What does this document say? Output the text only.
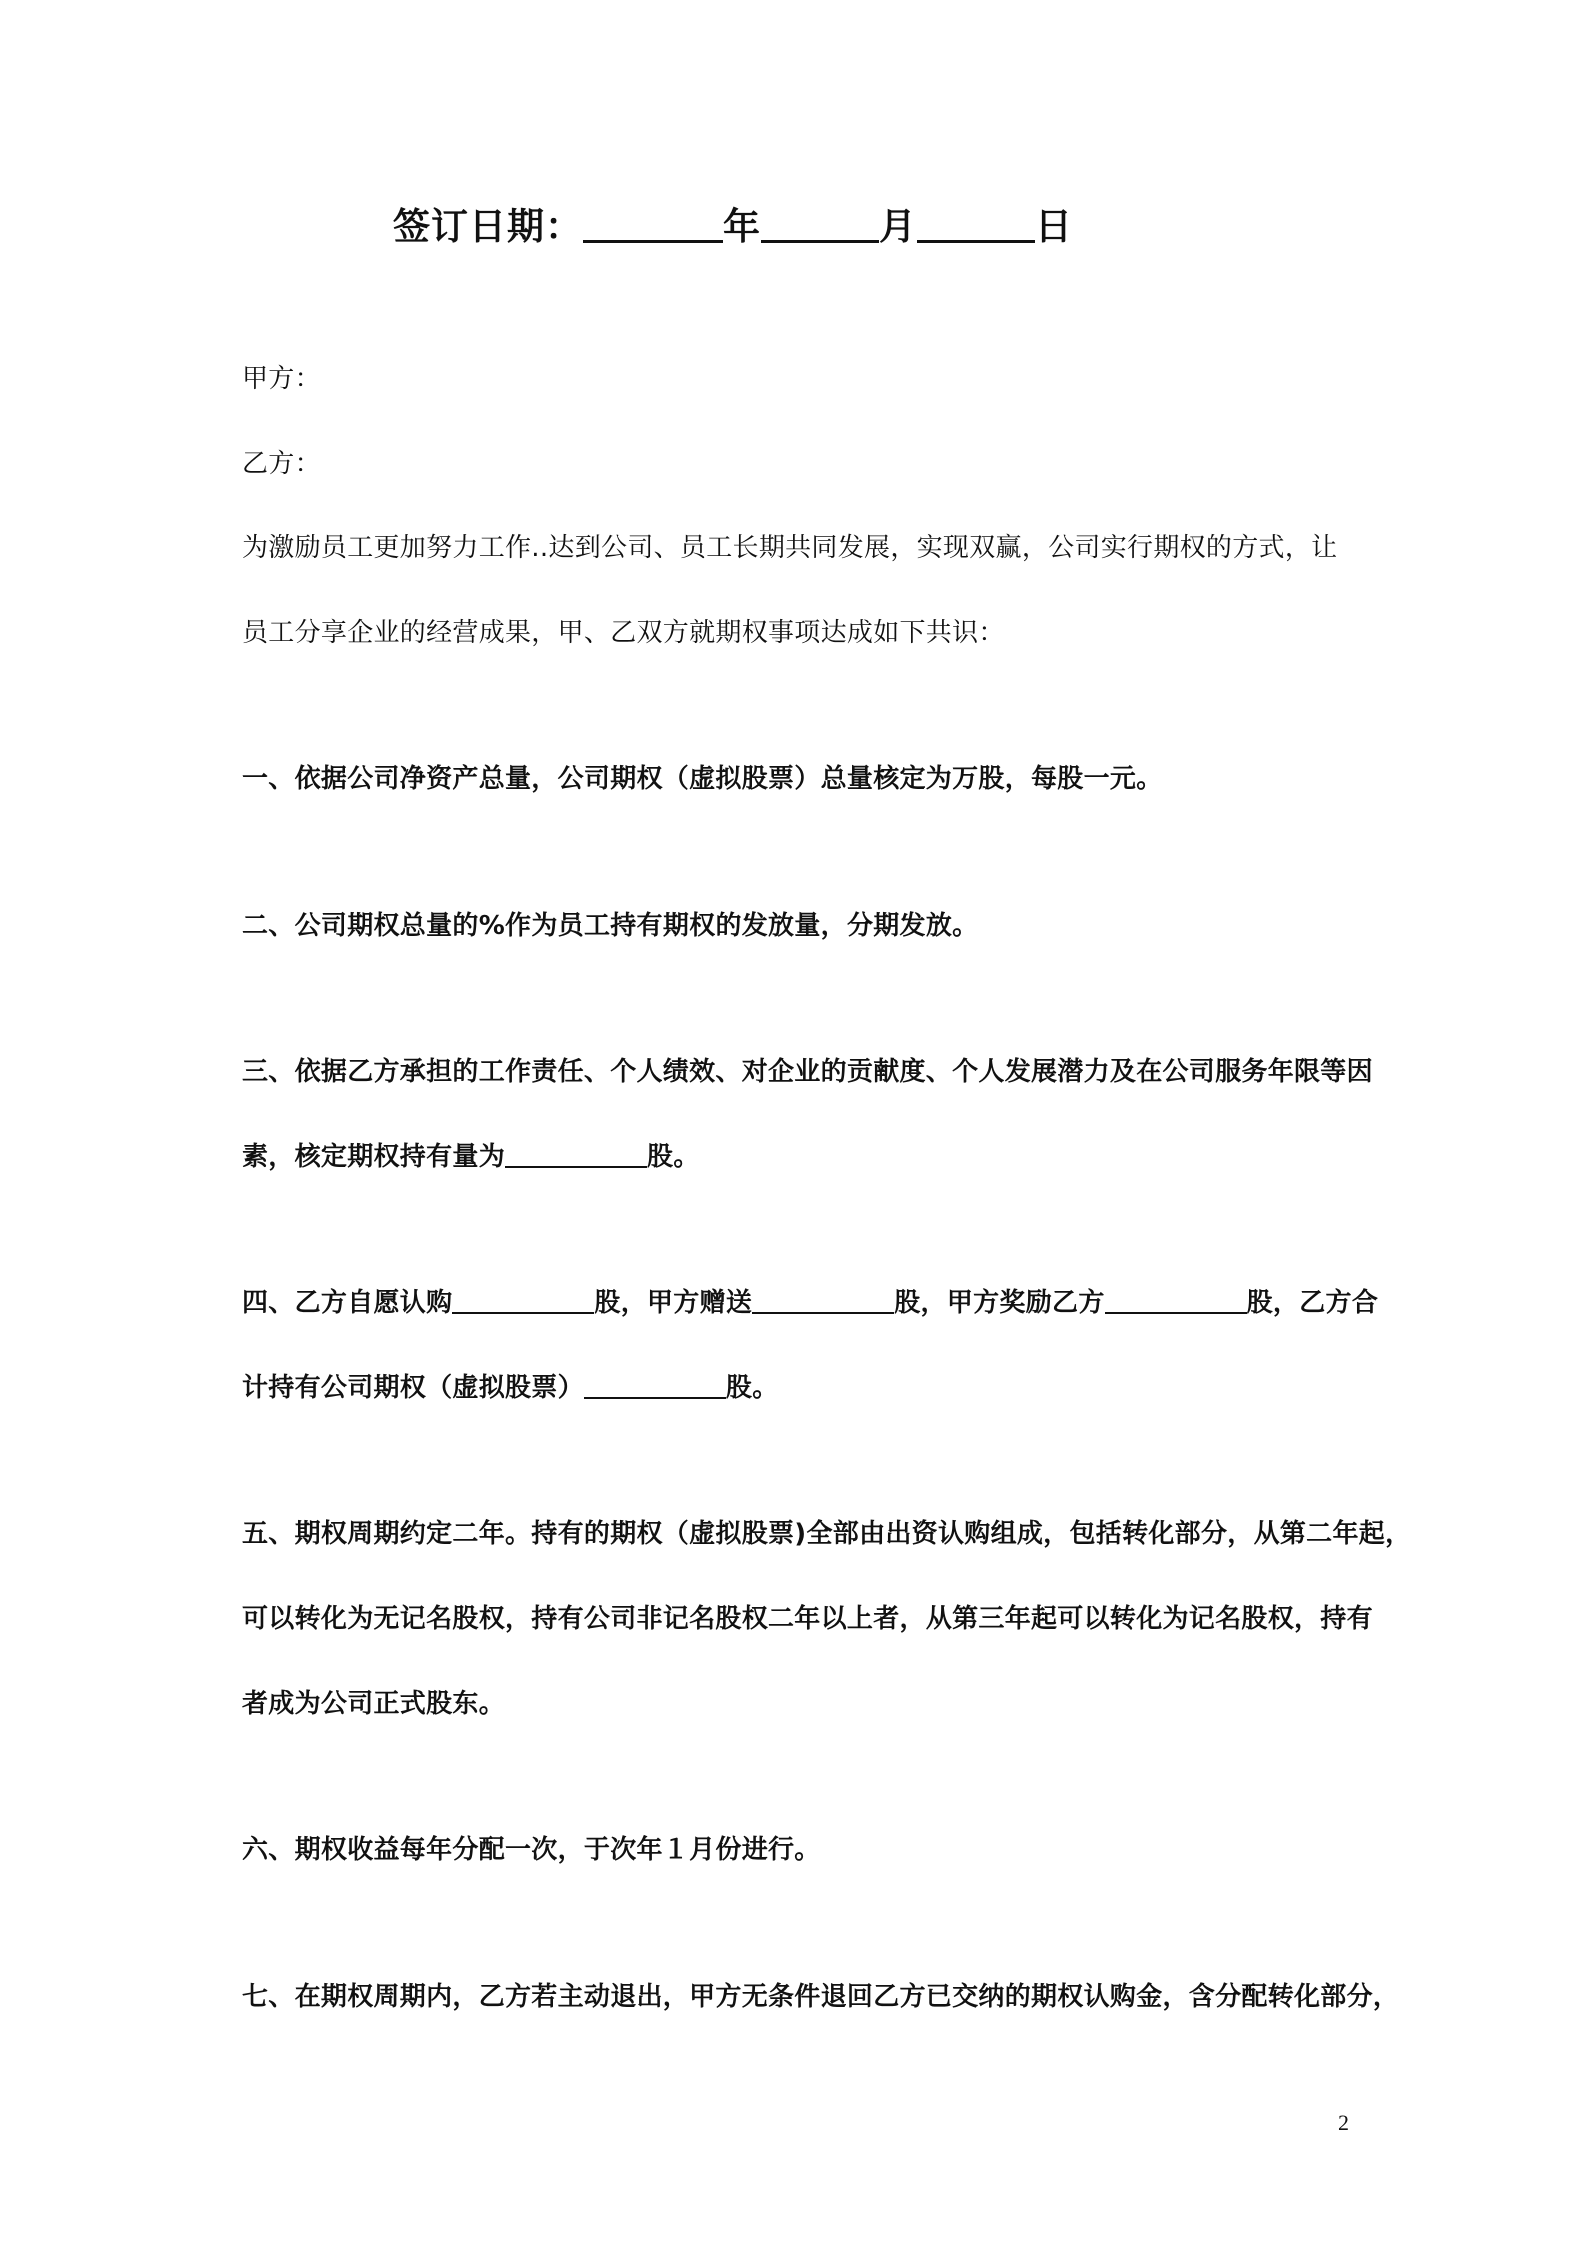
签订日期：	年	月	日
甲方：
乙方：
为激励员工更加努力工作..达到公司、员工长期共同发展，实现双赢，公司实行期权的方式，让
员工分享企业的经营成果，甲、乙双方就期权事项达成如下共识：
一、依据公司净资产总量，公司期权（虚拟股票）总量核定为万股，每股一元。
二、公司期权总量的%作为员工持有期权的发放量，分期发放。
三、依据乙方承担的工作责任、个人绩效、对企业的贡献度、个人发展潜力及在公司服务年限等因
素，核定期权持有量为	股。
四、乙方自愿认购	股，甲方赠送	股，甲方奖励乙方	股，乙方合
计持有公司期权（虚拟股票）	股。
五、期权周期约定二年。持有的期权（虚拟股票)全部由出资认购组成，包括转化部分，从第二年起，
可以转化为无记名股权，持有公司非记名股权二年以上者，从第三年起可以转化为记名股权，持有
者成为公司正式股东。
六、期权收益每年分配一次，于次年１月份进行。
七、在期权周期内，乙方若主动退出，甲方无条件退回乙方已交纳的期权认购金，含分配转化部分，
2
